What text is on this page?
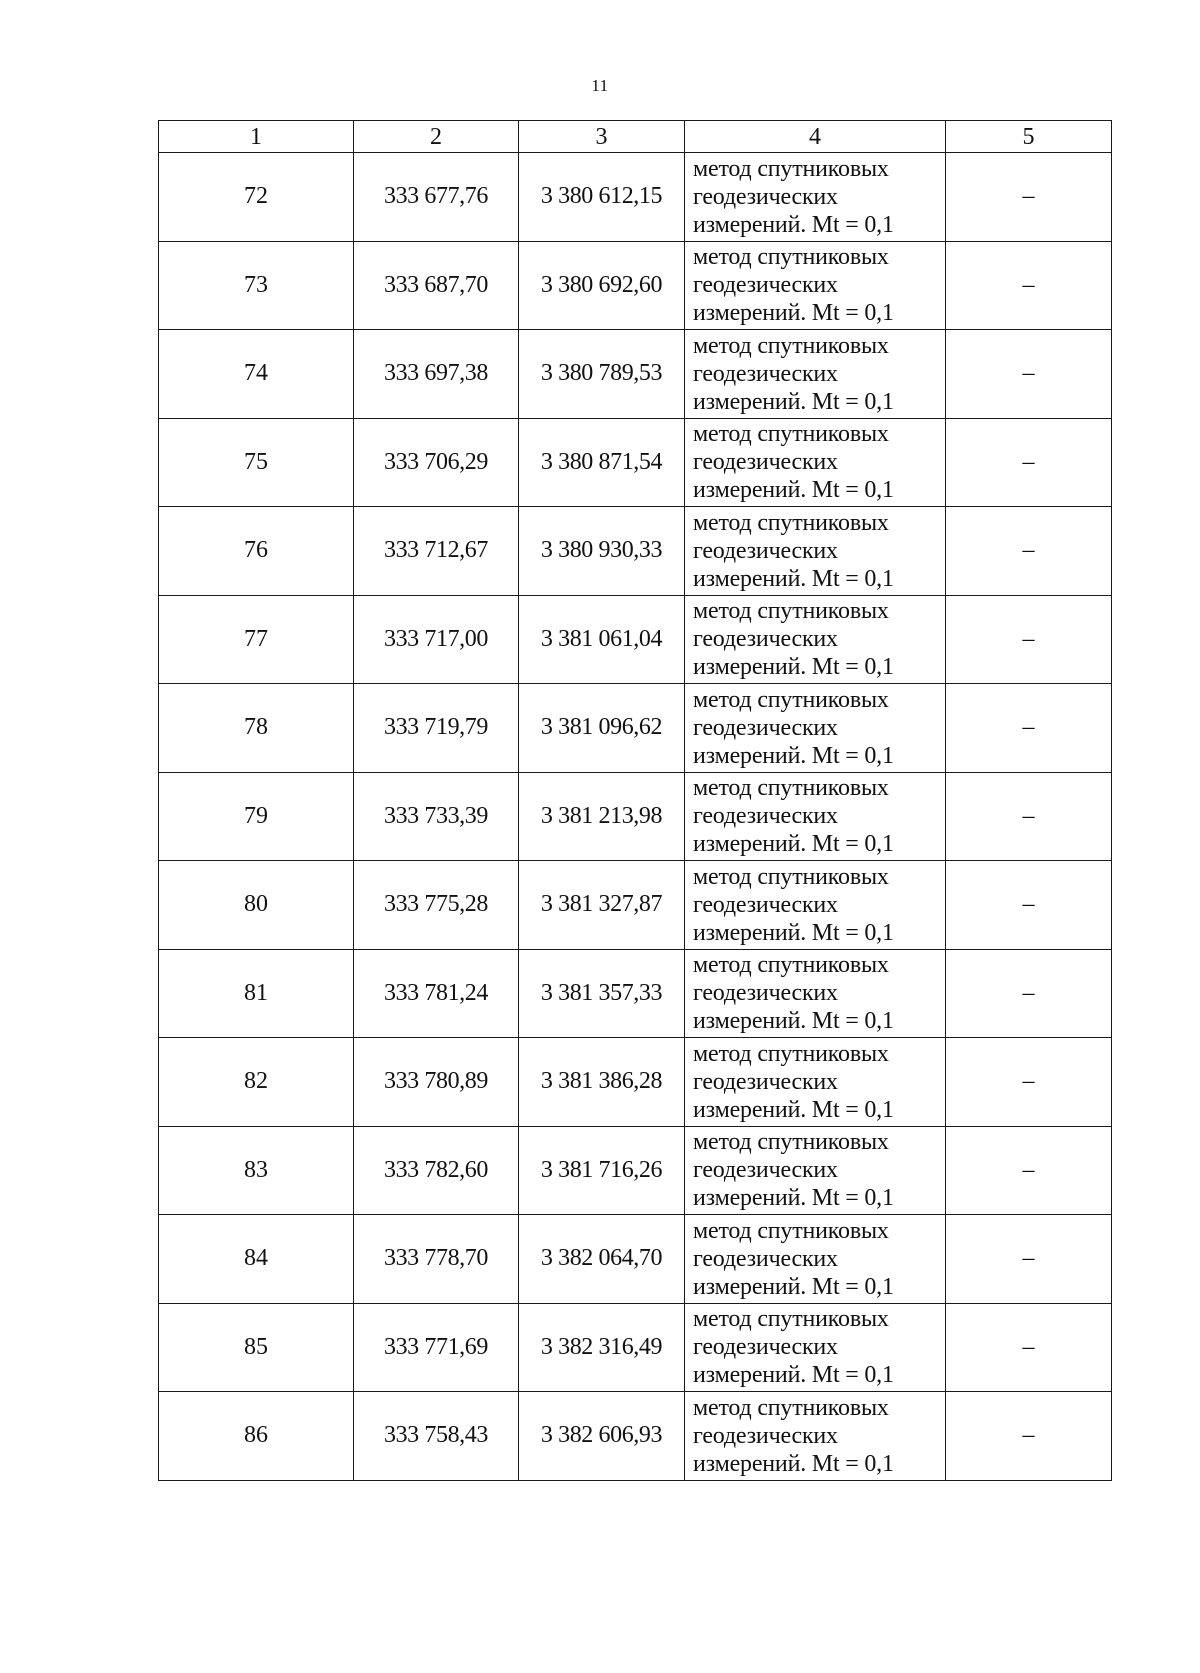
11
1	2	3	4	5
72	333 677,76	3 380 612,15	метод спутниковых
геодезических
измерений. Mt = 0,1	–
73	333 687,70	3 380 692,60	метод спутниковых
геодезических
измерений. Mt = 0,1	–
74	333 697,38	3 380 789,53	метод спутниковых
геодезических
измерений. Mt = 0,1	–
75	333 706,29	3 380 871,54	метод спутниковых
геодезических
измерений. Mt = 0,1	–
76	333 712,67	3 380 930,33	метод спутниковых
геодезических
измерений. Mt = 0,1	–
77	333 717,00	3 381 061,04	метод спутниковых
геодезических
измерений. Mt = 0,1	–
78	333 719,79	3 381 096,62	метод спутниковых
геодезических
измерений. Mt = 0,1	–
79	333 733,39	3 381 213,98	метод спутниковых
геодезических
измерений. Mt = 0,1	–
80	333 775,28	3 381 327,87	метод спутниковых
геодезических
измерений. Mt = 0,1	–
81	333 781,24	3 381 357,33	метод спутниковых
геодезических
измерений. Mt = 0,1	–
82	333 780,89	3 381 386,28	метод спутниковых
геодезических
измерений. Mt = 0,1	–
83	333 782,60	3 381 716,26	метод спутниковых
геодезических
измерений. Mt = 0,1	–
84	333 778,70	3 382 064,70	метод спутниковых
геодезических
измерений. Mt = 0,1	–
85	333 771,69	3 382 316,49	метод спутниковых
геодезических
измерений. Mt = 0,1	–
86	333 758,43	3 382 606,93	метод спутниковых
геодезических
измерений. Mt = 0,1	–
